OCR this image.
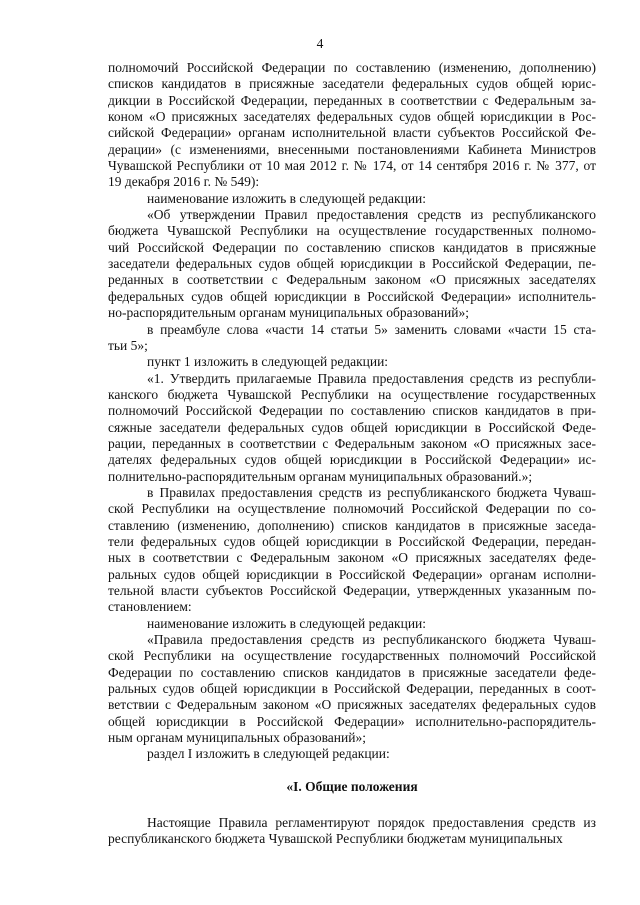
4
полномочий Российской Федерации по составлению (изменению, дополнению)
списков кандидатов в присяжные заседатели федеральных судов общей юрис-
дикции в Российской Федерации, переданных в соответствии с Федеральным за-
коном «О присяжных заседателях федеральных судов общей юрисдикции в Рос-
сийской Федерации» органам исполнительной власти субъектов Российской Фе-
дерации» (с изменениями, внесенными постановлениями Кабинета Министров
Чувашской Республики от 10 мая 2012 г. № 174, от 14 сентября 2016 г. № 377, от
19 декабря 2016 г. № 549):
наименование изложить в следующей редакции:
«Об утверждении Правил предоставления средств из республиканского
бюджета Чувашской Республики на осуществление государственных полномо-
чий Российской Федерации по составлению списков кандидатов в присяжные
заседатели федеральных судов общей юрисдикции в Российской Федерации, пе-
реданных в соответствии с Федеральным законом «О присяжных заседателях
федеральных судов общей юрисдикции в Российской Федерации» исполнитель-
но-распорядительным органам муниципальных образований»;
в преамбуле слова «части 14 статьи 5» заменить словами «части 15 ста-
тьи 5»;
пункт 1 изложить в следующей редакции:
«1. Утвердить прилагаемые Правила предоставления средств из республи-
канского бюджета Чувашской Республики на осуществление государственных
полномочий Российской Федерации по составлению списков кандидатов в при-
сяжные заседатели федеральных судов общей юрисдикции в Российской Феде-
рации, переданных в соответствии с Федеральным законом «О присяжных засе-
дателях федеральных судов общей юрисдикции в Российской Федерации» ис-
полнительно-распорядительным органам муниципальных образований.»;
в Правилах предоставления средств из республиканского бюджета Чуваш-
ской Республики на осуществление полномочий Российской Федерации по со-
ставлению (изменению, дополнению) списков кандидатов в присяжные заседа-
тели федеральных судов общей юрисдикции в Российской Федерации, передан-
ных в соответствии с Федеральным законом «О присяжных заседателях феде-
ральных судов общей юрисдикции в Российской Федерации» органам исполни-
тельной власти субъектов Российской Федерации, утвержденных указанным по-
становлением:
наименование изложить в следующей редакции:
«Правила предоставления средств из республиканского бюджета Чуваш-
ской Республики на осуществление государственных полномочий Российской
Федерации по составлению списков кандидатов в присяжные заседатели феде-
ральных судов общей юрисдикции в Российской Федерации, переданных в соот-
ветствии с Федеральным законом «О присяжных заседателях федеральных судов
общей юрисдикции в Российской Федерации» исполнительно-распорядитель-
ным органам муниципальных образований»;
раздел I изложить в следующей редакции:
«I. Общие положения
Настоящие Правила регламентируют порядок предоставления средств из
республиканского бюджета Чувашской Республики бюджетам муниципальных
